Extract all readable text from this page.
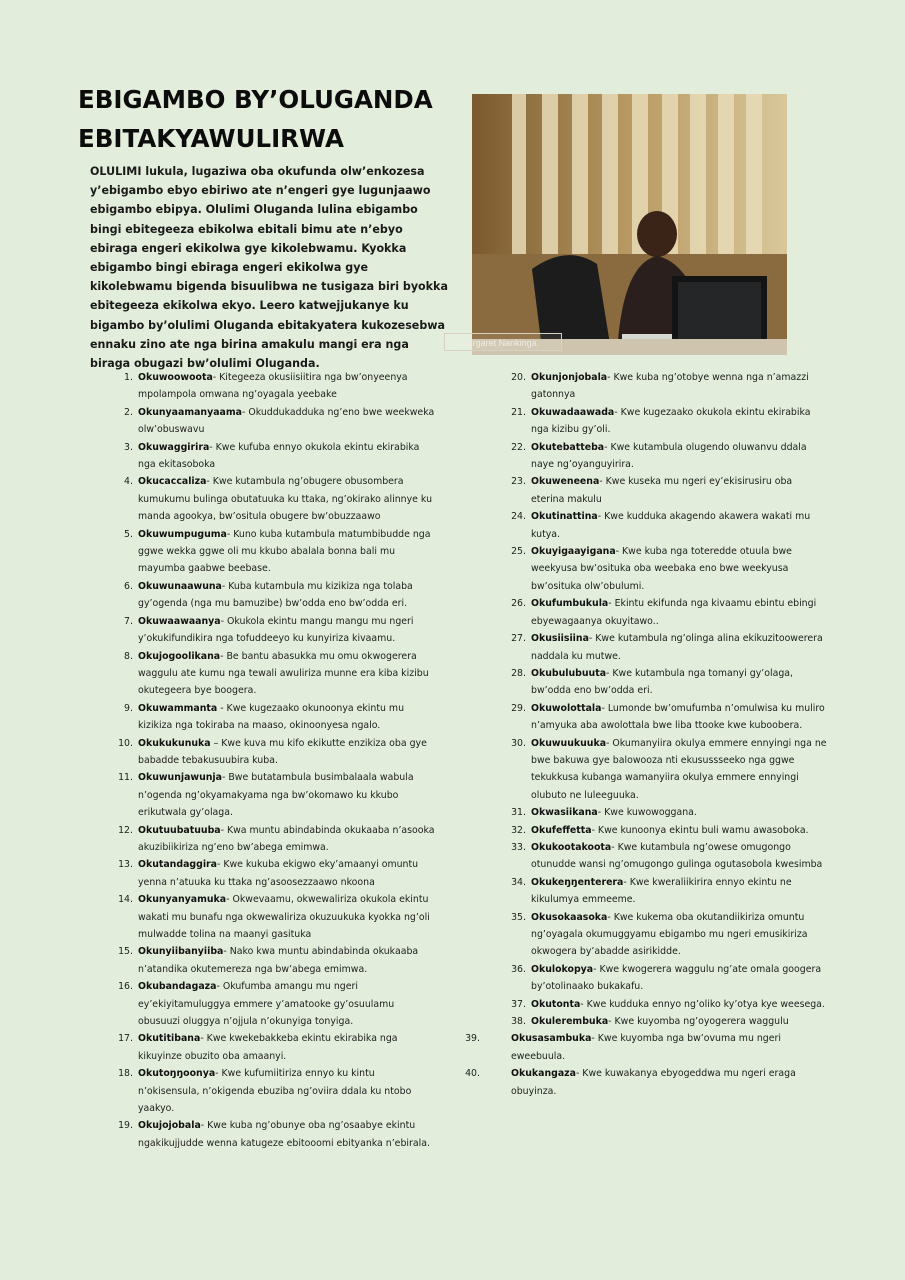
EBIGAMBO BY’OLUGANDA EBITAKYAWULIRWA
OLULIMI lukula, lugaziwa oba okufunda olw’enkozesa y’ebigambo ebyo ebiriwo ate n’engeri gye lugunjaawo ebigambo ebipya. Olulimi Oluganda lulina ebigambo bingi ebitegeeza ebikolwa ebitali bimu ate n’ebyo ebiraga engeri ekikolwa gye kikolebwamu. Kyokka ebigambo bingi ebiraga engeri ekikolwa gye kikolebwamu bigenda bisuulibwa ne tusigaza biri byokka ebitegeeza ekikolwa ekyo. Leero katwejjukanye ku bigambo by’olulimi Oluganda ebitakyatera kukozesebwa ennaku zino ate nga birina amakulu mangi era nga biraga obugazi bw’olulimi Oluganda.
© Margaret Nankinga
1. Okuwoowoota- Kitegeeza okusiisiitira nga bw’onyeenya mpolampola omwana ng’oyagala yeebake
2. Okunyaamanyaama- Okuddukadduka ng’eno bwe weekweka olw’obuswavu
3. Okuwaggirira- Kwe kufuba ennyo okukola ekintu ekirabika nga ekitasoboka
4. Okucaccaliza- Kwe kutambula ng’obugere obusombera kumukumu bulinga obutatuuka ku ttaka, ng’okirako alinnye ku manda agookya, bw’ositula obugere bw’obuzzaawo
5. Okuwumpuguma- Kuno kuba kutambula matumbibudde nga ggwe wekka ggwe oli mu kkubo abalala bonna bali mu mayumba gaabwe beebase.
6. Okuwunaawuna- Kuba kutambula mu kizikiza nga tolaba gy’ogenda (nga mu bamuzibe) bw’odda eno bw’odda eri.
7. Okuwaawaanya- Okukola ekintu mangu mangu mu ngeri y’okukifundikira nga tofuddeeyo ku kunyiriza kivaamu.
8. Okujogoolikana- Be bantu abasukka mu omu okwogerera waggulu ate kumu nga tewali awuliriza munne era kiba kizibu okutegeera bye boogera.
9. Okuwammanta - Kwe kugezaako okunoonya ekintu mu kizikiza nga tokiraba na maaso, okinoonyesa ngalo.
10. Okukukunuka – Kwe kuva mu kifo ekikutte enzikiza oba gye babadde tebakusuubira kuba.
11. Okuwunjawunja- Bwe butatambula busimbalaala wabula n’ogenda ng’okyamakyama nga bw’okomawo ku kkubo erikutwala gy’olaga.
12. Okutuubatuuba- Kwa muntu abindabinda okukaaba n’asooka akuzibiikiriza ng’eno bw’abega emimwa.
13. Okutandaggira- Kwe kukuba ekigwo eky’amaanyi omuntu yenna n’atuuka ku ttaka ng’asoosezzaawo nkoona
14. Okunyanyamuka- Okwevaamu, okwewaliriza okukola ekintu wakati mu bunafu nga okwewaliriza okuzuukuka kyokka ng’oli mulwadde tolina na maanyi gasituka
15. Okunyiibanyiiba- Nako kwa muntu abindabinda okukaaba n’atandika okutemereza nga bw’abega emimwa.
16. Okubandagaza- Okufumba amangu mu ngeri ey’ekiyitamuluggya emmere y’amatooke gy’osuulamu obusuuzi oluggya n’ojjula n’okunyiga tonyiga.
17. Okutitibana- Kwe kwekebakkeba ekintu ekirabika nga kikuyinze obuzito oba amaanyi.
18. Okutoŋŋoonya- Kwe kufumiitiriza ennyo ku kintu n’okisensula, n’okigenda ebuziba ng’oviira ddala ku ntobo yaakyo.
19. Okujojobala- Kwe kuba ng’obunye oba ng’osaabye ekintu ngakikujjudde wenna katugeze ebitooomi ebityanka n’ebirala.
20. Okunjonjobala- Kwe kuba ng’otobye wenna nga n’amazzi gatonnya
21. Okuwadaawada- Kwe kugezaako okukola ekintu ekirabika nga kizibu gy’oli.
22. Okutebatteba- Kwe kutambula olugendo oluwanvu ddala naye ng’oyanguyirira.
23. Okuweneena- Kwe kuseka mu ngeri ey’ekisirusiru oba eterina makulu
24. Okutinattina- Kwe kudduka akagendo akawera wakati mu kutya.
25. Okuyigaayigana- Kwe kuba nga toteredde otuula bwe weekyusa bw’osituka oba weebaka eno bwe weekyusa bw’osituka olw’obulumi.
26. Okufumbukula- Ekintu ekifunda nga kivaamu ebintu ebingi ebyewagaanya okuyitawo..
27. Okusiisiina- Kwe kutambula ng’olinga alina ekikuzitoowerera naddala ku mutwe.
28. Okubulubuuta- Kwe kutambula nga tomanyi gy’olaga, bw’odda eno bw’odda eri.
29. Okuwolottala- Lumonde bw’omufumba n’omulwisa ku muliro n’amyuka aba awolottala bwe liba ttooke kwe kuboobera.
30. Okuwuukuuka- Okumanyiira okulya emmere ennyingi nga ne bwe bakuwa gye balowooza nti ekusussseeko nga ggwe tekukkusa kubanga wamanyiira okulya emmere ennyingi olubuto ne luleeguuka.
31. Okwasiikana- Kwe kuwowoggana.
32. Okufeffetta- Kwe kunoonya ekintu buli wamu awasoboka.
33. Okukootakoota- Kwe kutambula ng’owese omugongo otunudde wansi ng’omugongo gulinga ogutasobola kwesimba
34. Okukeŋŋenterera- Kwe kweraliikirira ennyo ekintu ne kikulumya emmeeme.
35. Okusokaasoka- Kwe kukema oba okutandiikiriza omuntu ng’oyagala okumuggyamu ebigambo mu ngeri emusikiriza okwogera by’abadde asirikidde.
36. Okulokopya- Kwe kwogerera waggulu ng’ate omala googera by’otolinaako bukakafu.
37. Okutonta- Kwe kudduka ennyo ng’oliko ky’otya kye weesega.
38. Okulerembuka- Kwe kuyomba ng’oyogerera waggulu
39.	Okusasambuka- Kwe kuyomba nga bw’ovuma mu ngeri eweebuula.
40.	Okukangaza- Kwe kuwakanya ebyogeddwa mu ngeri eraga obuyinza.
